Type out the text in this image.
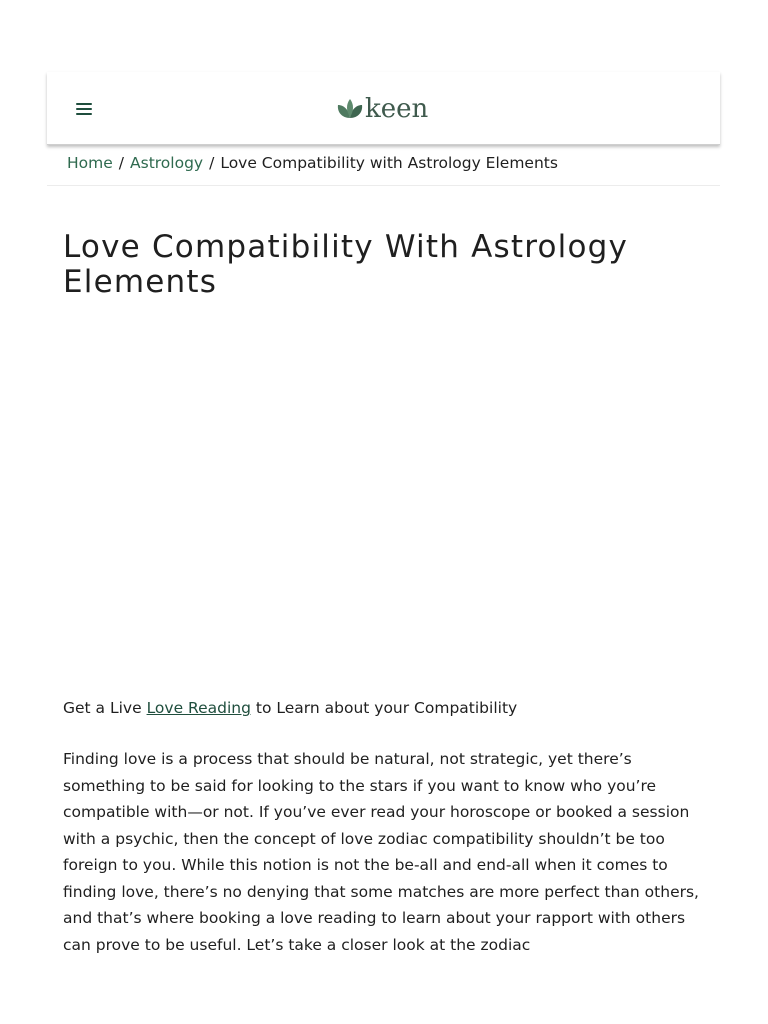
keen
Home / Astrology / Love Compatibility with Astrology Elements
Love Compatibility With Astrology Elements
Get a Live Love Reading to Learn about your Compatibility

Finding love is a process that should be natural, not strategic, yet there’s something to be said for looking to the stars if you want to know who you’re compatible with—or not. If you’ve ever read your horoscope or booked a session with a psychic, then the concept of love zodiac compatibility shouldn’t be too foreign to you. While this notion is not the be-all and end-all when it comes to finding love, there’s no denying that some matches are more perfect than others, and that’s where booking a love reading to learn about your rapport with others can prove to be useful. Let’s take a closer look at the zodiac
